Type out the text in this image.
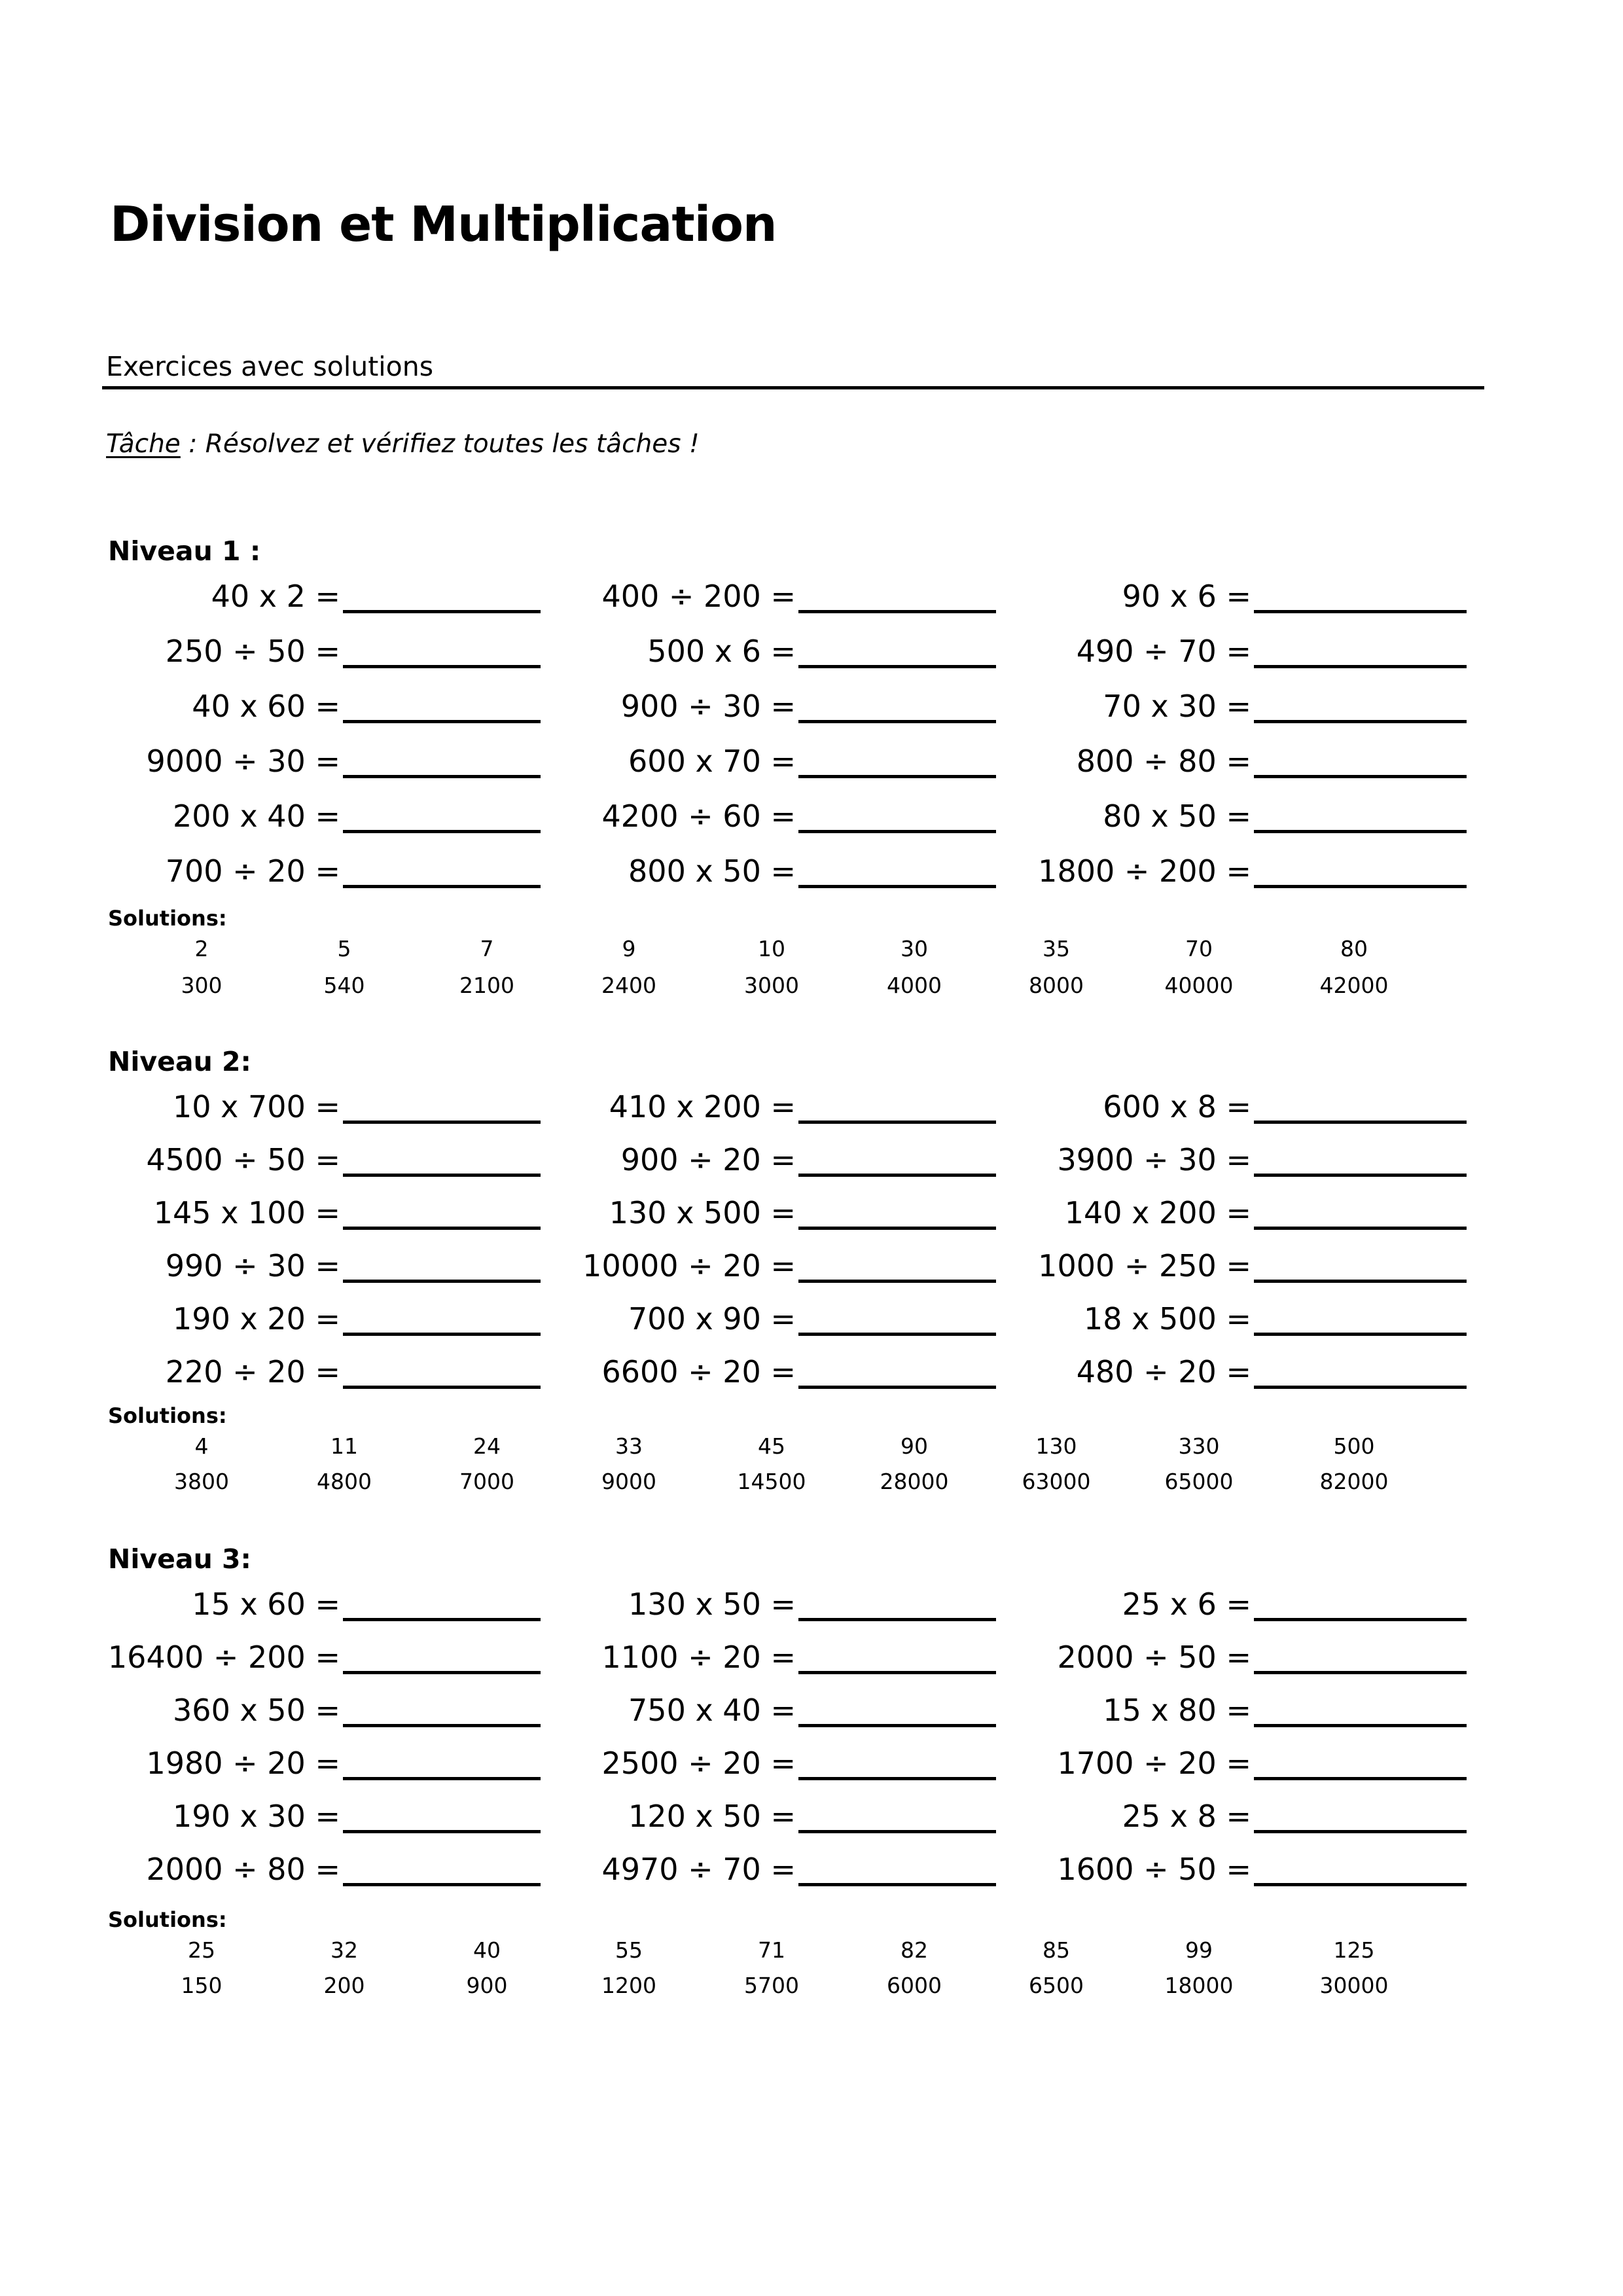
Division et Multiplication
Exercices avec solutions
Tâche : Résolvez et vérifiez toutes les tâches !
Niveau 1 :
40 x 2 =	400 ÷ 200 =	90 x 6 =
250 ÷ 50 =	500 x 6 =	490 ÷ 70 =
40 x 60 =	900 ÷ 30 =	70 x 30 =
9000 ÷ 30 =	600 x 70 =	800 ÷ 80 =
200 x 40 =	4200 ÷ 60 =	80 x 50 =
700 ÷ 20 =	800 x 50 =	1800 ÷ 200 =
Solutions:
2	5	7	9	10	30	35	70	80
300	540	2100	2400	3000	4000	8000	40000	42000
Niveau 2:
10 x 700 =	410 x 200 =	600 x 8 =
4500 ÷ 50 =	900 ÷ 20 =	3900 ÷ 30 =
145 x 100 =	130 x 500 =	140 x 200 =
990 ÷ 30 =	10000 ÷ 20 =	1000 ÷ 250 =
190 x 20 =	700 x 90 =	18 x 500 =
220 ÷ 20 =	6600 ÷ 20 =	480 ÷ 20 =
Solutions:
4	11	24	33	45	90	130	330	500
3800	4800	7000	9000	14500	28000	63000	65000	82000
Niveau 3:
15 x 60 =	130 x 50 =	25 x 6 =
16400 ÷ 200 =	1100 ÷ 20 =	2000 ÷ 50 =
360 x 50 =	750 x 40 =	15 x 80 =
1980 ÷ 20 =	2500 ÷ 20 =	1700 ÷ 20 =
190 x 30 =	120 x 50 =	25 x 8 =
2000 ÷ 80 =	4970 ÷ 70 =	1600 ÷ 50 =
Solutions:
25	32	40	55	71	82	85	99	125
150	200	900	1200	5700	6000	6500	18000	30000
